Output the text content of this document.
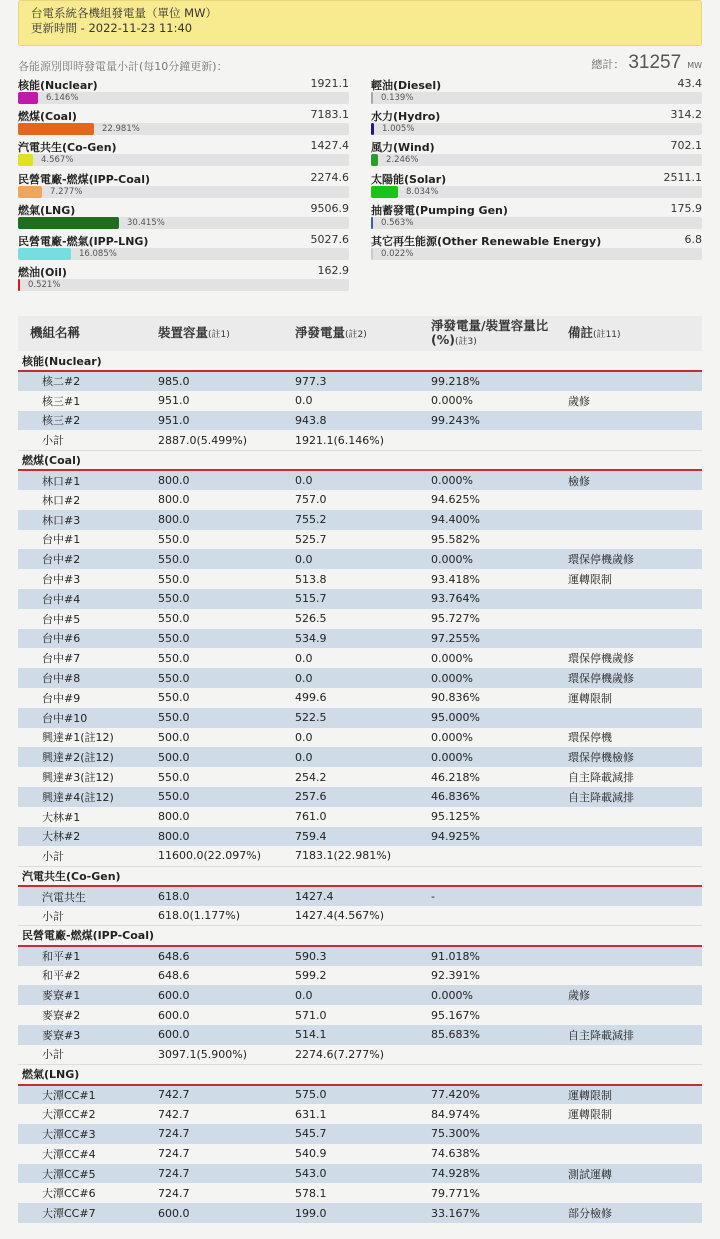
台電系統各機組發電量（單位 MW）
更新時間 - 2022-11-23 11:40
各能源別即時發電量小計(每10分鐘更新)：	總計： 31257 MW
核能(Nuclear)	1921.1
6.146%
燃煤(Coal)	7183.1
22.981%
汽電共生(Co-Gen)	1427.4
4.567%
民營電廠-燃煤(IPP-Coal)	2274.6
7.277%
燃氣(LNG)	9506.9
30.415%
民營電廠-燃氣(IPP-LNG)	5027.6
16.085%
燃油(Oil)	162.9
0.521%
輕油(Diesel)	43.4
0.139%
水力(Hydro)	314.2
1.005%
風力(Wind)	702.1
2.246%
太陽能(Solar)	2511.1
8.034%
抽蓄發電(Pumping Gen)	175.9
0.563%
其它再生能源(Other Renewable Energy)	6.8
0.022%
機組名稱	裝置容量(註1)	淨發電量(註2)	淨發電量/裝置容量比(%)(註3)	備註(註11)
核能(Nuclear)				
核二#2	985.0	977.3	99.218%	
核三#1	951.0	0.0	0.000%	歲修
核三#2	951.0	943.8	99.243%	
小計	2887.0(5.499%)	1921.1(6.146%)		
燃煤(Coal)				
林口#1	800.0	0.0	0.000%	檢修
林口#2	800.0	757.0	94.625%	
林口#3	800.0	755.2	94.400%	
台中#1	550.0	525.7	95.582%	
台中#2	550.0	0.0	0.000%	環保停機歲修
台中#3	550.0	513.8	93.418%	運轉限制
台中#4	550.0	515.7	93.764%	
台中#5	550.0	526.5	95.727%	
台中#6	550.0	534.9	97.255%	
台中#7	550.0	0.0	0.000%	環保停機歲修
台中#8	550.0	0.0	0.000%	環保停機歲修
台中#9	550.0	499.6	90.836%	運轉限制
台中#10	550.0	522.5	95.000%	
興達#1(註12)	500.0	0.0	0.000%	環保停機
興達#2(註12)	500.0	0.0	0.000%	環保停機檢修
興達#3(註12)	550.0	254.2	46.218%	自主降載減排
興達#4(註12)	550.0	257.6	46.836%	自主降載減排
大林#1	800.0	761.0	95.125%	
大林#2	800.0	759.4	94.925%	
小計	11600.0(22.097%)	7183.1(22.981%)		
汽電共生(Co-Gen)				
汽電共生	618.0	1427.4	-	
小計	618.0(1.177%)	1427.4(4.567%)		
民營電廠-燃煤(IPP-Coal)				
和平#1	648.6	590.3	91.018%	
和平#2	648.6	599.2	92.391%	
麥寮#1	600.0	0.0	0.000%	歲修
麥寮#2	600.0	571.0	95.167%	
麥寮#3	600.0	514.1	85.683%	自主降載減排
小計	3097.1(5.900%)	2274.6(7.277%)		
燃氣(LNG)				
大潭CC#1	742.7	575.0	77.420%	運轉限制
大潭CC#2	742.7	631.1	84.974%	運轉限制
大潭CC#3	724.7	545.7	75.300%	
大潭CC#4	724.7	540.9	74.638%	
大潭CC#5	724.7	543.0	74.928%	測試運轉
大潭CC#6	724.7	578.1	79.771%	
大潭CC#7	600.0	199.0	33.167%	部分檢修
